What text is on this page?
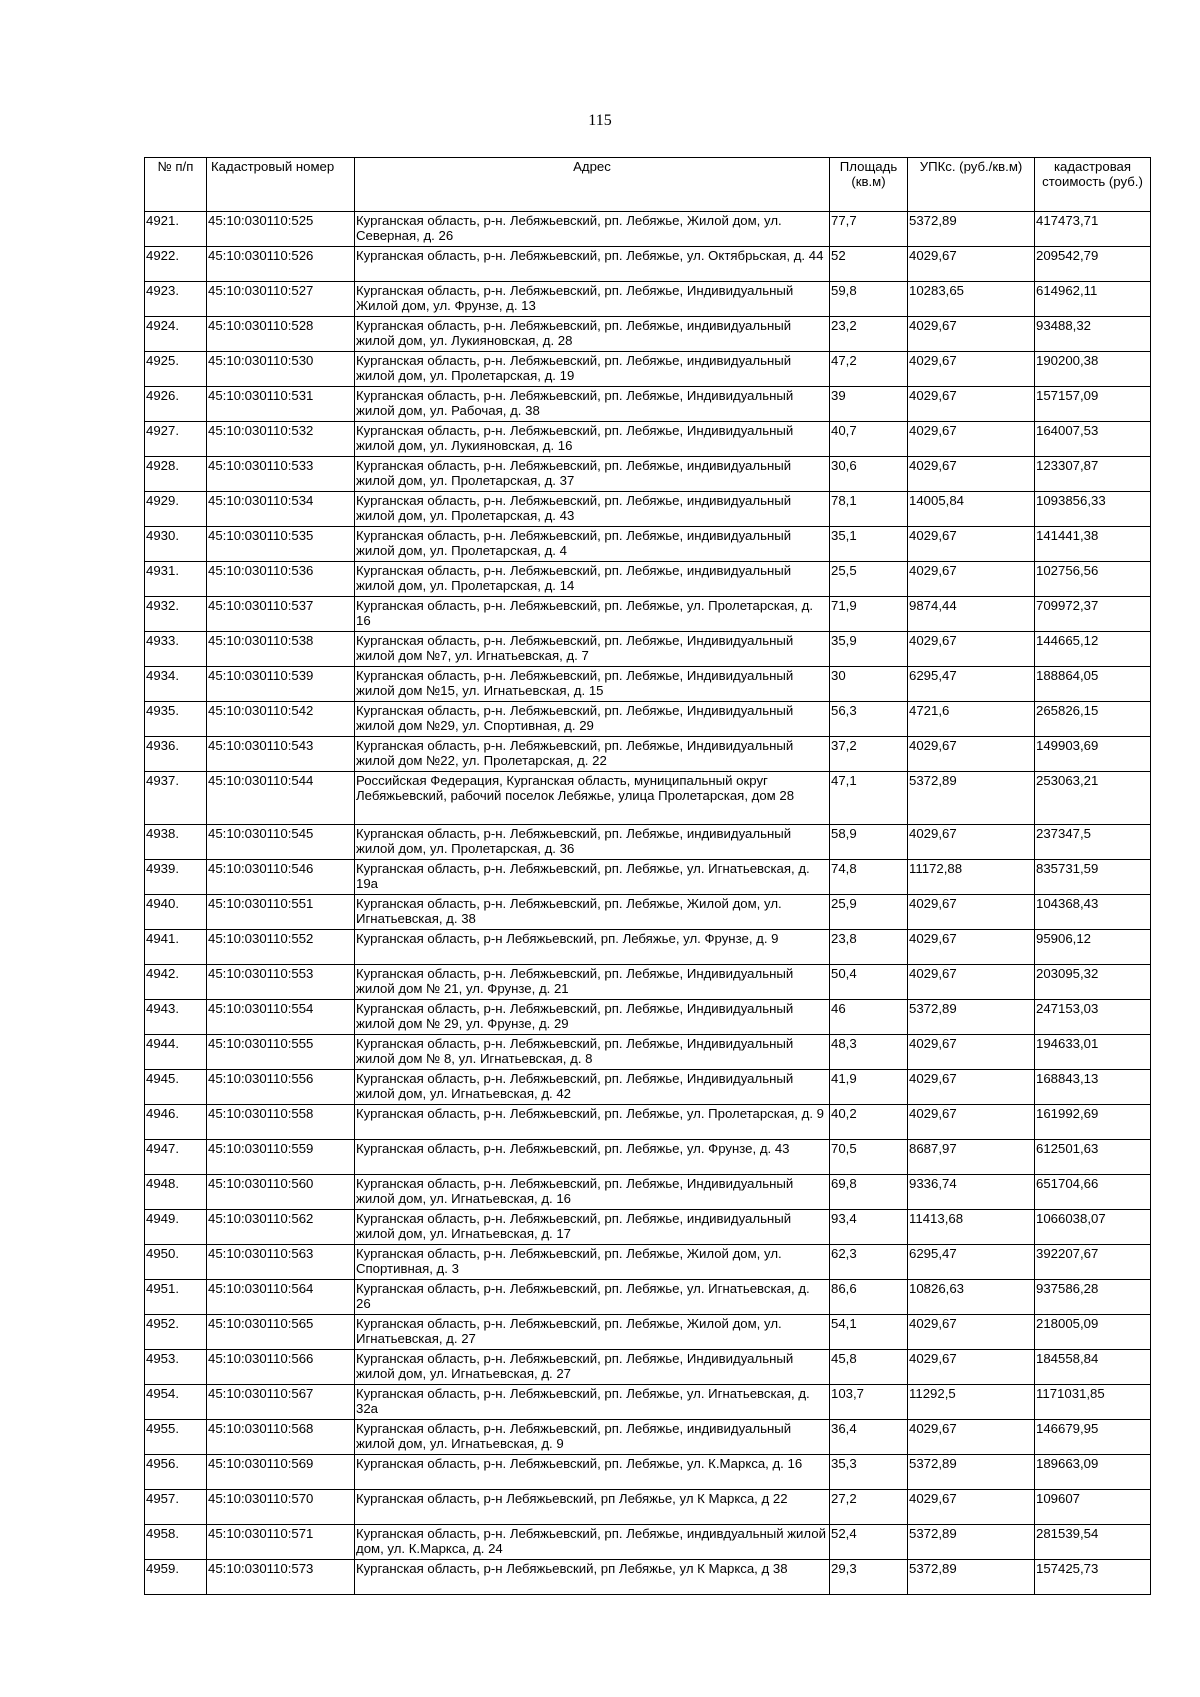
115
№ п/п	Кадастровый номер	Адрес	Площадь (кв.м)	УПКс. (руб./кв.м)	кадастровая стоимость (руб.)
4921.	45:10:030110:525	Курганская область, р-н. Лебяжьевский, рп. Лебяжье, Жилой дом, ул. Северная, д. 26	77,7	5372,89	417473,71
4922.	45:10:030110:526	Курганская область, р-н. Лебяжьевский, рп. Лебяжье, ул. Октябрьская, д. 44	52	4029,67	209542,79
4923.	45:10:030110:527	Курганская область, р-н. Лебяжьевский, рп. Лебяжье, Индивидуальный Жилой дом, ул. Фрунзе, д. 13	59,8	10283,65	614962,11
4924.	45:10:030110:528	Курганская область, р-н. Лебяжьевский, рп. Лебяжье, индивидуальный жилой дом, ул. Лукияновская, д. 28	23,2	4029,67	93488,32
4925.	45:10:030110:530	Курганская область, р-н. Лебяжьевский, рп. Лебяжье, индивидуальный жилой дом, ул. Пролетарская, д. 19	47,2	4029,67	190200,38
4926.	45:10:030110:531	Курганская область, р-н. Лебяжьевский, рп. Лебяжье, Индивидуальный жилой дом, ул. Рабочая, д. 38	39	4029,67	157157,09
4927.	45:10:030110:532	Курганская область, р-н. Лебяжьевский, рп. Лебяжье, Индивидуальный жилой дом, ул. Лукияновская, д. 16	40,7	4029,67	164007,53
4928.	45:10:030110:533	Курганская область, р-н. Лебяжьевский, рп. Лебяжье, индивидуальный жилой дом, ул. Пролетарская, д. 37	30,6	4029,67	123307,87
4929.	45:10:030110:534	Курганская область, р-н. Лебяжьевский, рп. Лебяжье, индивидуальный жилой дом, ул. Пролетарская, д. 43	78,1	14005,84	1093856,33
4930.	45:10:030110:535	Курганская область, р-н. Лебяжьевский, рп. Лебяжье, индивидуальный жилой дом, ул. Пролетарская, д. 4	35,1	4029,67	141441,38
4931.	45:10:030110:536	Курганская область, р-н. Лебяжьевский, рп. Лебяжье, индивидуальный жилой дом, ул. Пролетарская, д. 14	25,5	4029,67	102756,56
4932.	45:10:030110:537	Курганская область, р-н. Лебяжьевский, рп. Лебяжье, ул. Пролетарская, д. 16	71,9	9874,44	709972,37
4933.	45:10:030110:538	Курганская область, р-н. Лебяжьевский, рп. Лебяжье, Индивидуальный жилой дом №7, ул. Игнатьевская, д. 7	35,9	4029,67	144665,12
4934.	45:10:030110:539	Курганская область, р-н. Лебяжьевский, рп. Лебяжье, Индивидуальный жилой дом №15, ул. Игнатьевская, д. 15	30	6295,47	188864,05
4935.	45:10:030110:542	Курганская область, р-н. Лебяжьевский, рп. Лебяжье, Индивидуальный жилой дом №29, ул. Спортивная, д. 29	56,3	4721,6	265826,15
4936.	45:10:030110:543	Курганская область, р-н. Лебяжьевский, рп. Лебяжье, Индивидуальный жилой дом №22, ул. Пролетарская, д. 22	37,2	4029,67	149903,69
4937.	45:10:030110:544	Российская Федерация, Курганская область, муниципальный округ Лебяжьевский, рабочий поселок Лебяжье, улица Пролетарская, дом 28	47,1	5372,89	253063,21
4938.	45:10:030110:545	Курганская область, р-н. Лебяжьевский, рп. Лебяжье, индивидуальный жилой дом, ул. Пролетарская, д. 36	58,9	4029,67	237347,5
4939.	45:10:030110:546	Курганская область, р-н. Лебяжьевский, рп. Лебяжье, ул. Игнатьевская, д. 19а	74,8	11172,88	835731,59
4940.	45:10:030110:551	Курганская область, р-н. Лебяжьевский, рп. Лебяжье, Жилой дом, ул. Игнатьевская, д. 38	25,9	4029,67	104368,43
4941.	45:10:030110:552	Курганская область, р-н Лебяжьевский, рп. Лебяжье, ул. Фрунзе, д. 9	23,8	4029,67	95906,12
4942.	45:10:030110:553	Курганская область, р-н. Лебяжьевский, рп. Лебяжье, Индивидуальный жилой дом № 21, ул. Фрунзе, д. 21	50,4	4029,67	203095,32
4943.	45:10:030110:554	Курганская область, р-н. Лебяжьевский, рп. Лебяжье, Индивидуальный жилой дом № 29, ул. Фрунзе, д. 29	46	5372,89	247153,03
4944.	45:10:030110:555	Курганская область, р-н. Лебяжьевский, рп. Лебяжье, Индивидуальный жилой дом № 8, ул. Игнатьевская, д. 8	48,3	4029,67	194633,01
4945.	45:10:030110:556	Курганская область, р-н. Лебяжьевский, рп. Лебяжье, Индивидуальный жилой дом, ул. Игнатьевская, д. 42	41,9	4029,67	168843,13
4946.	45:10:030110:558	Курганская область, р-н. Лебяжьевский, рп. Лебяжье, ул. Пролетарская, д. 9	40,2	4029,67	161992,69
4947.	45:10:030110:559	Курганская область, р-н. Лебяжьевский, рп. Лебяжье, ул. Фрунзе, д. 43	70,5	8687,97	612501,63
4948.	45:10:030110:560	Курганская область, р-н. Лебяжьевский, рп. Лебяжье, Индивидуальный жилой дом, ул. Игнатьевская, д. 16	69,8	9336,74	651704,66
4949.	45:10:030110:562	Курганская область, р-н. Лебяжьевский, рп. Лебяжье, индивидуальный жилой дом, ул. Игнатьевская, д. 17	93,4	11413,68	1066038,07
4950.	45:10:030110:563	Курганская область, р-н. Лебяжьевский, рп. Лебяжье, Жилой дом, ул. Спортивная, д. 3	62,3	6295,47	392207,67
4951.	45:10:030110:564	Курганская область, р-н. Лебяжьевский, рп. Лебяжье, ул. Игнатьевская, д. 26	86,6	10826,63	937586,28
4952.	45:10:030110:565	Курганская область, р-н. Лебяжьевский, рп. Лебяжье, Жилой дом, ул. Игнатьевская, д. 27	54,1	4029,67	218005,09
4953.	45:10:030110:566	Курганская область, р-н. Лебяжьевский, рп. Лебяжье, Индивидуальный жилой дом, ул. Игнатьевская, д. 27	45,8	4029,67	184558,84
4954.	45:10:030110:567	Курганская область, р-н. Лебяжьевский, рп. Лебяжье, ул. Игнатьевская, д. 32а	103,7	11292,5	1171031,85
4955.	45:10:030110:568	Курганская область, р-н. Лебяжьевский, рп. Лебяжье, индивидуальный жилой дом, ул. Игнатьевская, д. 9	36,4	4029,67	146679,95
4956.	45:10:030110:569	Курганская область, р-н. Лебяжьевский, рп. Лебяжье, ул. К.Маркса, д. 16	35,3	5372,89	189663,09
4957.	45:10:030110:570	Курганская область, р-н Лебяжьевский, рп Лебяжье, ул К Маркса, д 22	27,2	4029,67	109607
4958.	45:10:030110:571	Курганская область, р-н. Лебяжьевский, рп. Лебяжье, индивдуальный жилой дом, ул. К.Маркса, д. 24	52,4	5372,89	281539,54
4959.	45:10:030110:573	Курганская область, р-н Лебяжьевский, рп Лебяжье, ул К Маркса, д 38	29,3	5372,89	157425,73
